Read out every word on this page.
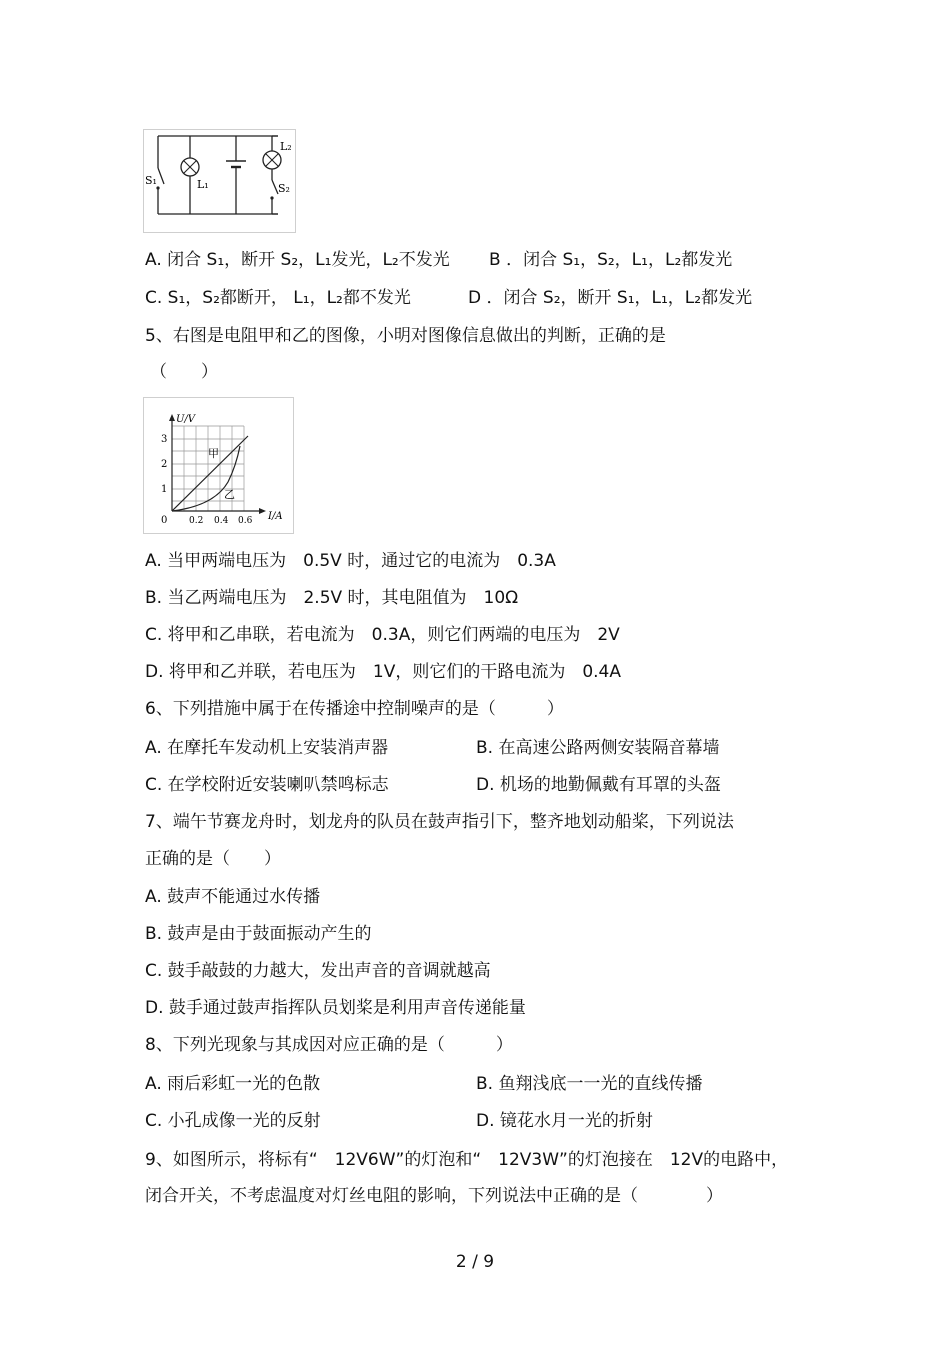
S₁	L₁
L₂
S₂
A. 闭合 S₁，断开 S₂，L₁发光，L₂不发光 B ．闭合 S₁，S₂，L₁，L₂都发光
C. S₁，S₂都断开， L₁，L₂都不发光	D ．闭合 S₂，断开 S₁，L₁，L₂都发光
5、右图是电阻甲和乙的图像，小明对图像信息做出的判断，正确的是
（　　）
U/V
I/A
3
2
1
0 0.2 0.4 0.6
甲
乙
A. 当甲两端电压为　0.5V 时，通过它的电流为　0.3A
B. 当乙两端电压为　2.5V 时，其电阻值为　10Ω
C. 将甲和乙串联，若电流为　0.3A，则它们两端的电压为　2V
D. 将甲和乙并联，若电压为　1V，则它们的干路电流为　0.4A
6、下列措施中属于在传播途中控制噪声的是（　　　）
A. 在摩托车发动机上安装消声器	B. 在高速公路两侧安装隔音幕墙
C. 在学校附近安装喇叭禁鸣标志	D. 机场的地勤佩戴有耳罩的头盔
7、端午节赛龙舟时，划龙舟的队员在鼓声指引下，整齐地划动船桨，下列说法
正确的是（　　）
A. 鼓声不能通过水传播
B. 鼓声是由于鼓面振动产生的
C. 鼓手敲鼓的力越大，发出声音的音调就越高
D. 鼓手通过鼓声指挥队员划桨是利用声音传递能量
8、下列光现象与其成因对应正确的是（　　　）
A. 雨后彩虹一光的色散	B. 鱼翔浅底一一光的直线传播
C. 小孔成像一光的反射	D. 镜花水月一光的折射
9、如图所示，将标有“　12V6W”的灯泡和“　12V3W”的灯泡接在　12V的电路中，
闭合开关，不考虑温度对灯丝电阻的影响，下列说法中正确的是（　　　　）
2 / 9
